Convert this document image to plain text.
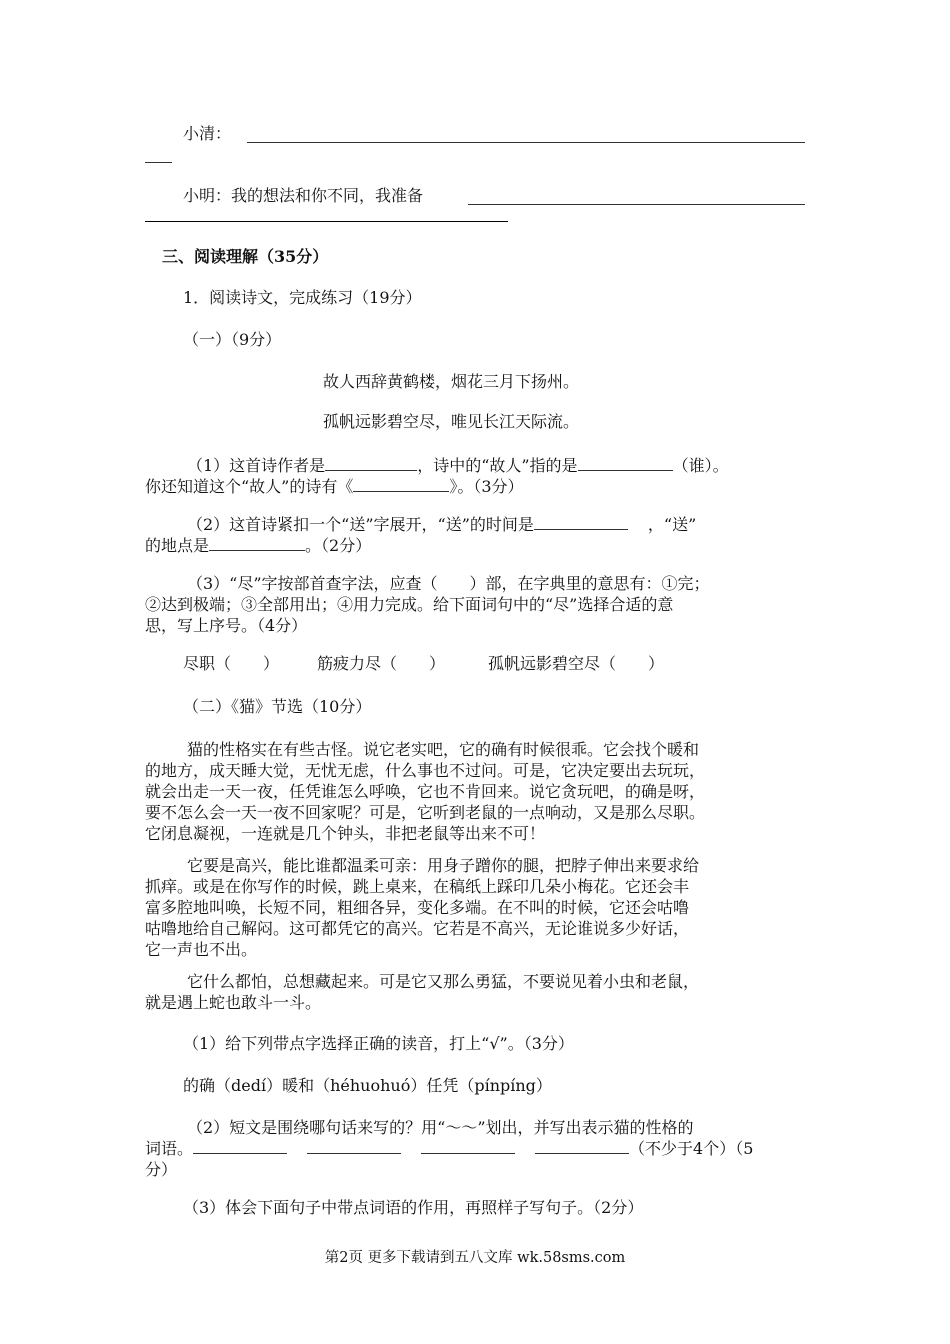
小清：
小明：我的想法和你不同，我准备
三、阅读理解（35分）
1．阅读诗文，完成练习（19分）
（一）（9分）
故人西辞黄鹤楼，烟花三月下扬州。
孤帆远影碧空尽，唯见长江天际流。
（1）这首诗作者是	，诗中的“故人”指的是	（谁）。
你还知道这个“故人”的诗有《	》。（3分）
（2）这首诗紧扣一个“送”字展开，“送”的时间是	，“送”
的地点是	。（2分）
（3）“尽”字按部首查字法，应查（　　）部，在字典里的意思有：①完；
②达到极端；③全部用出；④用力完成。给下面词句中的“尽”选择合适的意
思，写上序号。（4分）
尽职（　　） 筋疲力尽（　　）	孤帆远影碧空尽（　　）
（二）《猫》节选（10分）
猫的性格实在有些古怪。说它老实吧，它的确有时候很乖。它会找个暖和
的地方，成天睡大觉，无忧无虑，什么事也不过问。可是，它决定要出去玩玩，
就会出走一天一夜，任凭谁怎么呼唤，它也不肯回来。说它贪玩吧，的确是呀，
要不怎么会一天一夜不回家呢？可是，它听到老鼠的一点响动，又是那么尽职。
它闭息凝视，一连就是几个钟头，非把老鼠等出来不可！
它要是高兴，能比谁都温柔可亲：用身子蹭你的腿，把脖子伸出来要求给
抓痒。或是在你写作的时候，跳上桌来，在稿纸上踩印几朵小梅花。它还会丰
富多腔地叫唤，长短不同，粗细各异，变化多端。在不叫的时候，它还会咕噜
咕噜地给自己解闷。这可都凭它的高兴。它若是不高兴，无论谁说多少好话，
它一声也不出。
它什么都怕，总想藏起来。可是它又那么勇猛，不要说见着小虫和老鼠，
就是遇上蛇也敢斗一斗。
（1）给下列带点字选择正确的读音，打上“√”。（3分）
的确（dedí）暖和（héhuohuó）任凭（pínpíng）
（2）短文是围绕哪句话来写的？用“～～”划出，并写出表示猫的性格的
词语。	（不少于4个）（5
分）
（3）体会下面句子中带点词语的作用，再照样子写句子。（2分）
第2页 更多下载请到五八文库 wk.58sms.com
